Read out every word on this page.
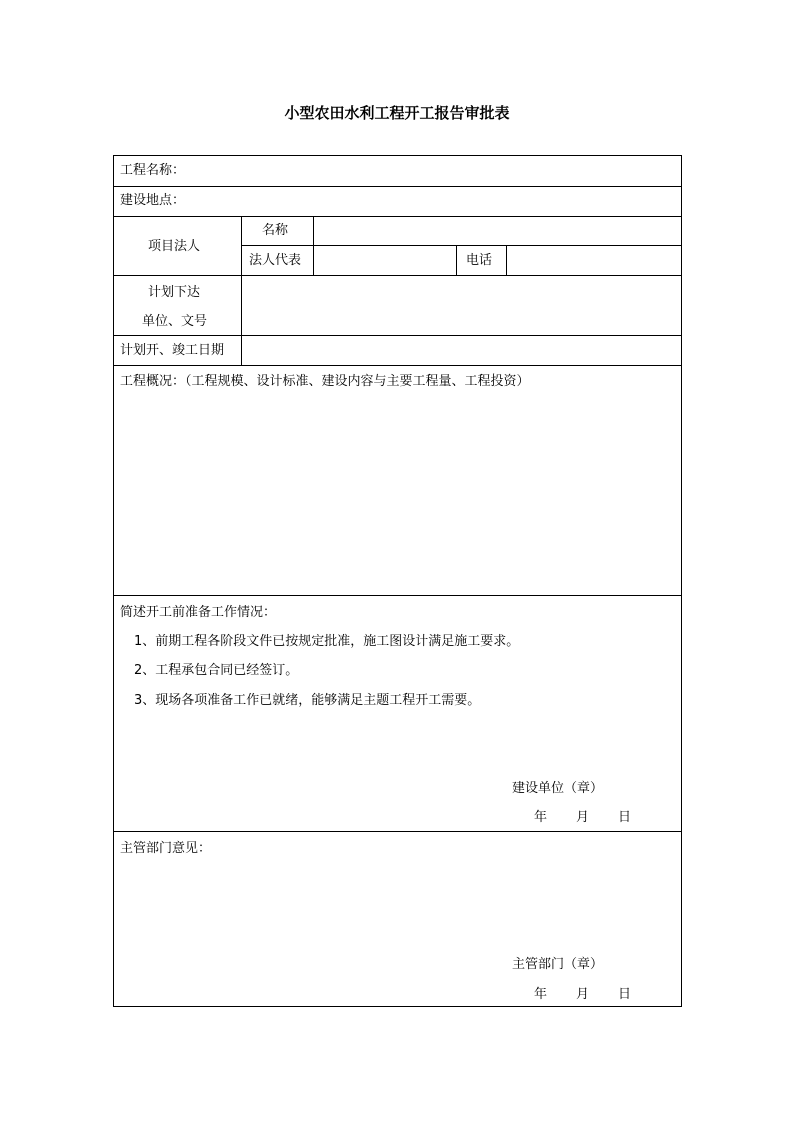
小型农田水利工程开工报告审批表
工程名称：
建设地点：
项目法人
名称
法人代表	电话
计划下达
单位、文号
计划开、竣工日期
工程概况：（工程规模、设计标准、建设内容与主要工程量、工程投资）
简述开工前准备工作情况：
1、前期工程各阶段文件已按规定批准，施工图设计满足施工要求。
2、工程承包合同已经签订。
3、现场各项准备工作已就绪，能够满足主题工程开工需要。
建设单位（章）
年 月 日
主管部门意见：
主管部门（章）
年 月 日
